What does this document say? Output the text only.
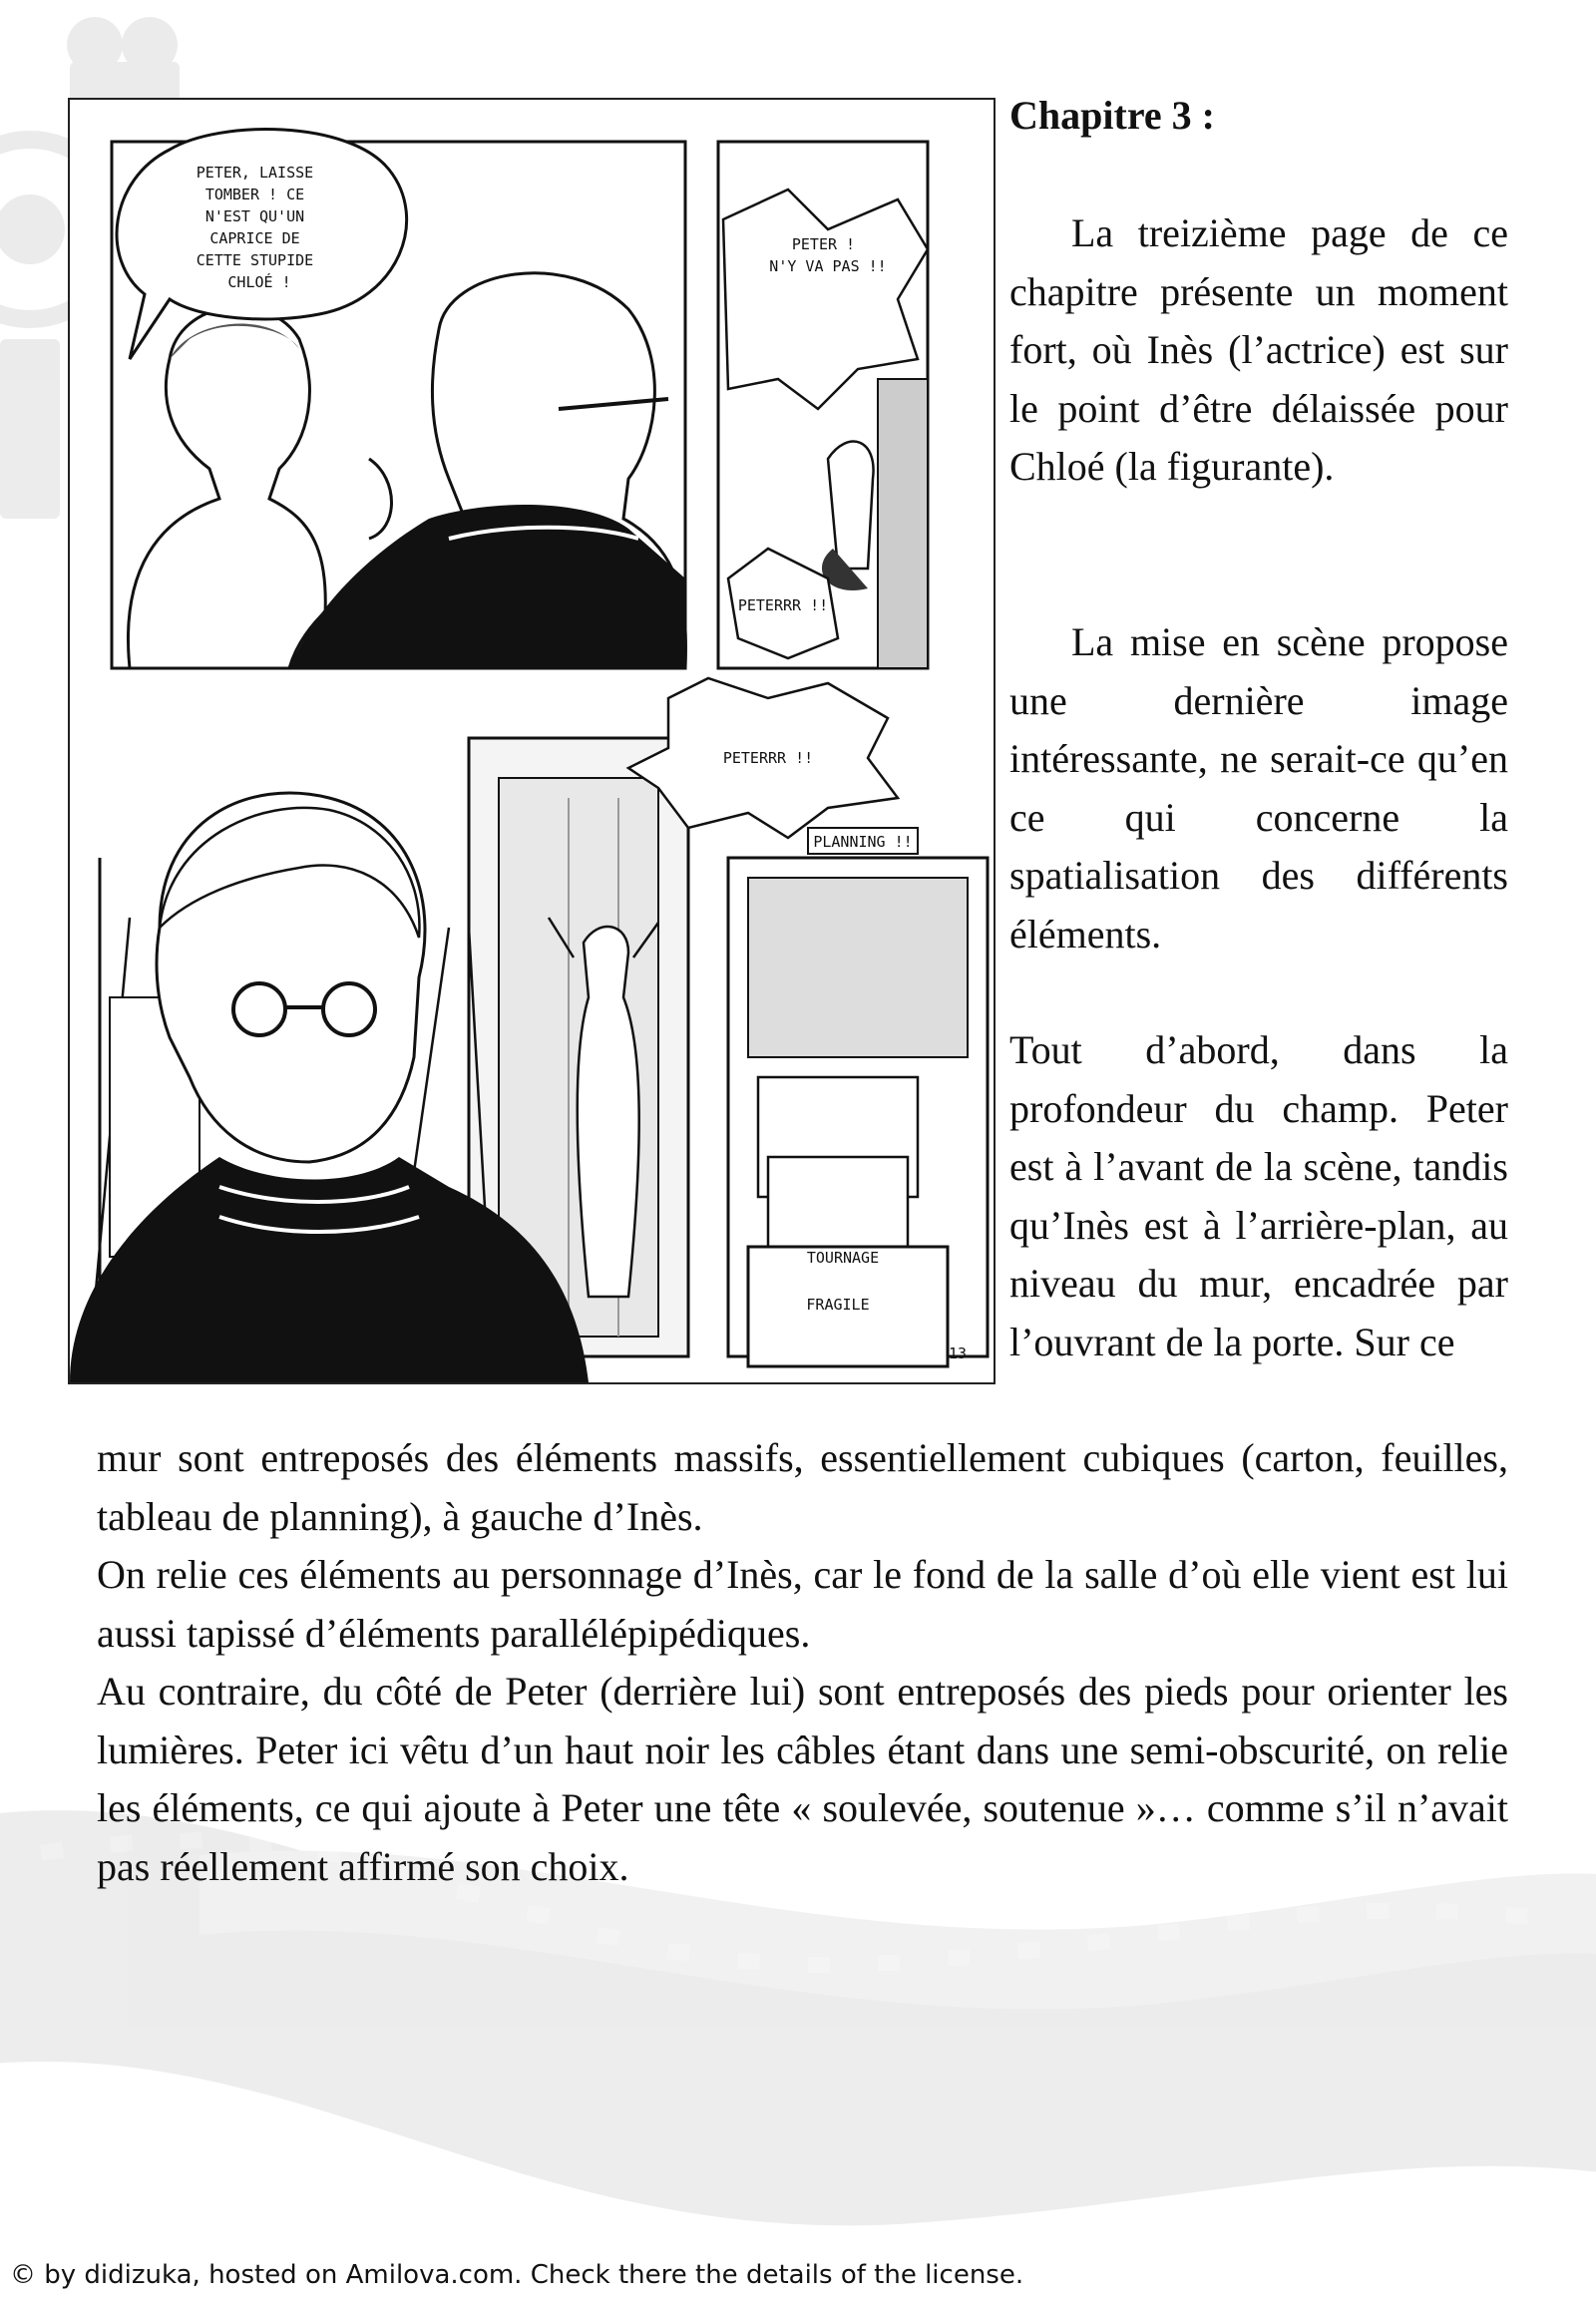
PETER, LAISSE TOMBER ! CE N'EST QU'UN CAPRICE DE CETTE STUPIDE CHLOÉ !
PETER ! N'Y VA PAS !!
PETERRR !!
PLANNING !!
FRAGILE
TOURNAGE
13
PETERRR !!
Chapitre 3 :

La treizième page de ce chapitre présente un moment fort, où Inès (l’actrice) est sur le point d’être délaissée pour Chloé (la figurante).

La mise en scène propose une dernière image intéressante, ne serait-ce qu’en ce qui concerne la spatialisation des différents éléments.

Tout d’abord, dans la profondeur du champ. Peter est à l’avant de la scène, tandis qu’Inès est à l’arrière-plan, au niveau du mur, encadrée par l’ouvrant de la porte. Sur ce

mur sont entreposés des éléments massifs, essentiellement cubiques (carton, feuilles, tableau de planning), à gauche d’Inès.

On relie ces éléments au personnage d’Inès, car le fond de la salle d’où elle vient est lui aussi tapissé d’éléments parallélépipédiques.

Au contraire, du côté de Peter (derrière lui) sont entreposés des pieds pour orienter les lumières. Peter ici vêtu d’un haut noir les câbles étant dans une semi-obscurité, on relie les éléments, ce qui ajoute à Peter une tête « soulevée, soutenue »… comme s’il n’avait pas réellement affirmé son choix.

© by didizuka, hosted on Amilova.com. Check there the details of the license.
